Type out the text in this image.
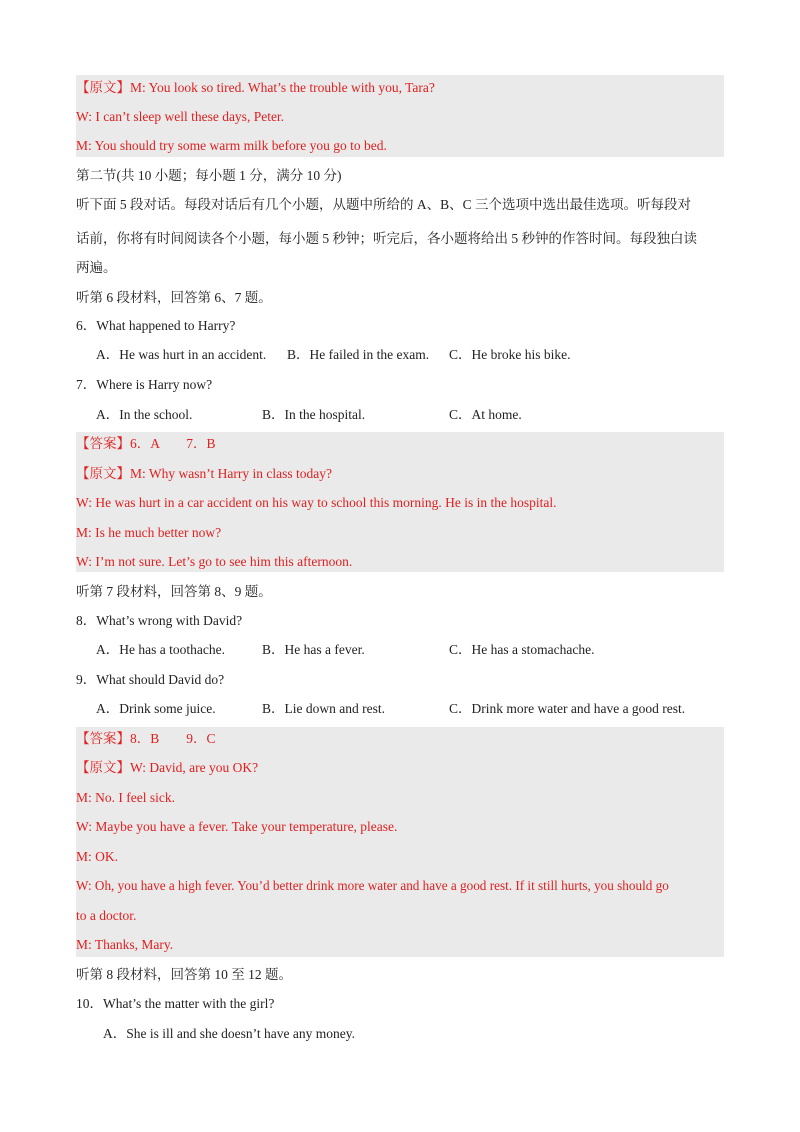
【原文】M: You look so tired. What’s the trouble with you, Tara?
W: I can’t sleep well these days, Peter.
M: You should try some warm milk before you go to bed.
第二节(共 10 小题；每小题 1 分，满分 10 分)
听下面 5 段对话。每段对话后有几个小题，从题中所给的 A、B、C 三个选项中选出最佳选项。听每段对
话前，你将有时间阅读各个小题，每小题 5 秒钟；听完后，各小题将给出 5 秒钟的作答时间。每段独白读
两遍。
听第 6 段材料，回答第 6、7 题。
6．What happened to Harry?
A．He was hurt in an accident. B．He failed in the exam. C．He broke his bike.
7．Where is Harry now?
A．In the school.	B．In the hospital.	C．At home.
【答案】6．A　　7．B
【原文】M: Why wasn’t Harry in class today?
W: He was hurt in a car accident on his way to school this morning. He is in the hospital.
M: Is he much better now?
W: I’m not sure. Let’s go to see him this afternoon.
听第 7 段材料，回答第 8、9 题。
8．What’s wrong with David?
A．He has a toothache.	B．He has a fever.	C．He has a stomachache.
9．What should David do?
A．Drink some juice.	B．Lie down and rest.	C．Drink more water and have a good rest.
【答案】8．B　　9．C
【原文】W: David, are you OK?
M: No. I feel sick.
W: Maybe you have a fever. Take your temperature, please.
M: OK.
W: Oh, you have a high fever. You’d better drink more water and have a good rest. If it still hurts, you should go
to a doctor.
M: Thanks, Mary.
听第 8 段材料，回答第 10 至 12 题。
10．What’s the matter with the girl?
A．She is ill and she doesn’t have any money.
